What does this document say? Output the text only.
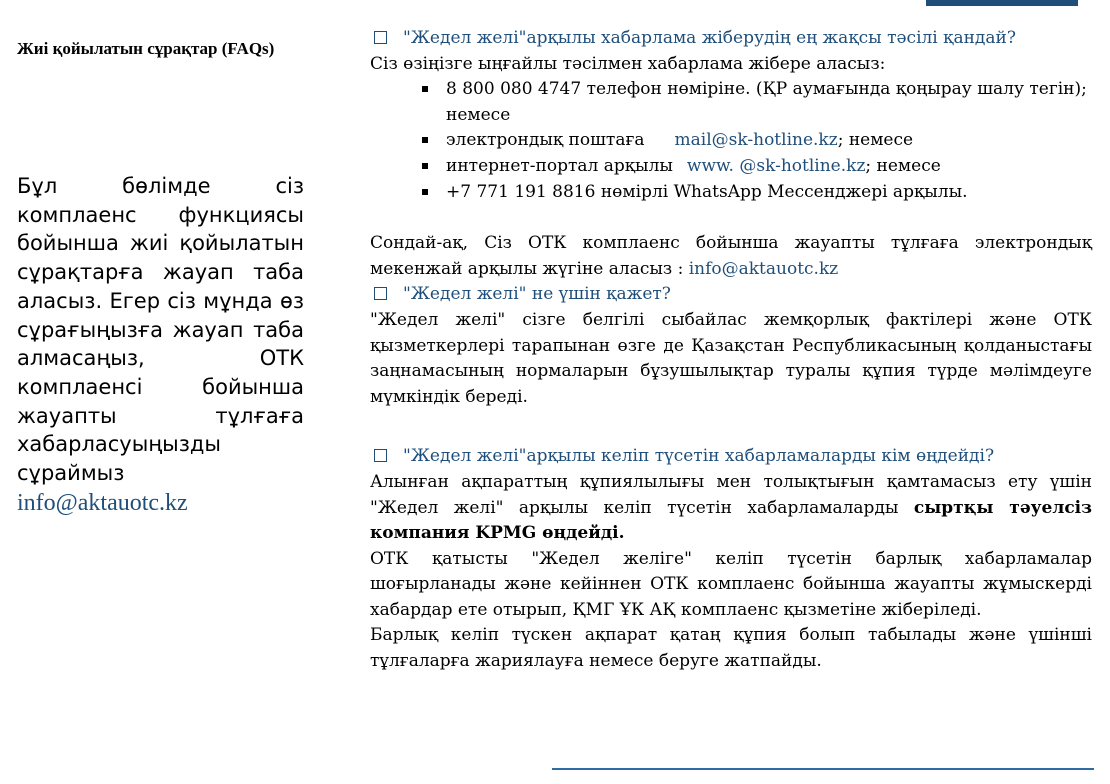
Жиі қойылатын сұрақтар (FAQs)
Бұл бөлімде сіз комплаенс функциясы бойынша жиі қойылатын сұрақтарға жауап таба аласыз. Егер сіз мұнда өз сұрағыңызға жауап таба алмасаңыз, ОТК комплаенсі бойынша жауапты тұлғаға хабарласуыңызды сұраймыз
info@aktauotc.kz
"Жедел желі"арқылы хабарлама жіберудің ең жақсы тәсілі қандай?

Сіз өзіңізге ыңғайлы тәсілмен хабарлама жібере аласыз:

8 800 080 4747 телефон нөміріне. (ҚР аумағында қоңырау шалу тегін); немесе
электрондық поштаға mail@sk-hotline.kz; немесе
интернет-портал арқылы www. @sk-hotline.kz; немесе
+7 771 191 8816 нөмірлі WhatsApp Мессенджері арқылы.

Сондай-ақ, Сіз ОТК комплаенс бойынша жауапты тұлғаға электрондық мекенжай арқылы жүгіне аласыз : info@aktauotc.kz

"Жедел желі" не үшін қажет?

"Жедел желі" сізге белгілі сыбайлас жемқорлық фактілері және ОТК қызметкерлері тарапынан өзге де Қазақстан Республикасының қолданыстағы заңнамасының нормаларын бұзушылықтар туралы құпия түрде мәлімдеуге мүмкіндік береді.

"Жедел желі"арқылы келіп түсетін хабарламаларды кім өңдейді?

Алынған ақпараттың құпиялылығы мен толықтығын қамтамасыз ету үшін "Жедел желі" арқылы келіп түсетін хабарламаларды сыртқы тәуелсіз компания KPMG өңдейді.

ОТК қатысты "Жедел желіге" келіп түсетін барлық хабарламалар шоғырланады және кейіннен ОТК комплаенс бойынша жауапты жұмыскерді хабардар ете отырып, ҚМГ ҰК АҚ комплаенс қызметіне жіберіледі.

Барлық келіп түскен ақпарат қатаң құпия болып табылады және үшінші тұлғаларға жариялауға немесе беруге жатпайды.
